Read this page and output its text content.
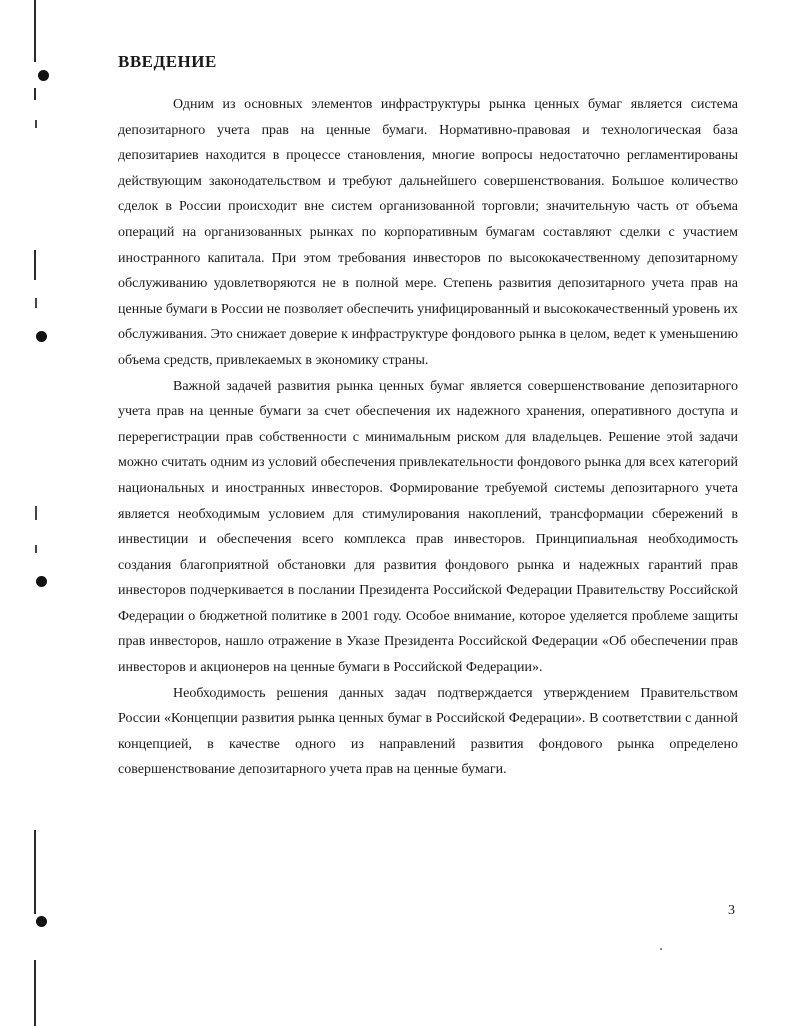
ВВЕДЕНИЕ

Одним из основных элементов инфраструктуры рынка ценных бумаг является система депозитарного учета прав на ценные бумаги. Нормативно-правовая и технологическая база депозитариев находится в процессе становления, многие вопросы недостаточно регламентированы действующим законодательством и требуют дальнейшего совершенствования. Большое количество сделок в России происходит вне систем организованной торговли; значительную часть от объема операций на организованных рынках по корпоративным бумагам составляют сделки с участием иностранного капитала. При этом требования инвесторов по высококачественному депозитарному обслуживанию удовлетворяются не в полной мере. Степень развития депозитарного учета прав на ценные бумаги в России не позволяет обеспечить унифицированный и высококачественный уровень их обслуживания. Это снижает доверие к инфраструктуре фондового рынка в целом, ведет к уменьшению объема средств, привлекаемых в экономику страны.

Важной задачей развития рынка ценных бумаг является совершенствование депозитарного учета прав на ценные бумаги за счет обеспечения их надежного хранения, оперативного доступа и перерегистрации прав собственности с минимальным риском для владельцев. Решение этой задачи можно считать одним из условий обеспечения привлекательности фондового рынка для всех категорий национальных и иностранных инвесторов. Формирование требуемой системы депозитарного учета является необходимым условием для стимулирования накоплений, трансформации сбережений в инвестиции и обеспечения всего комплекса прав инвесторов. Принципиальная необходимость создания благоприятной обстановки для развития фондового рынка и надежных гарантий прав инвесторов подчеркивается в послании Президента Российской Федерации Правительству Российской Федерации о бюджетной политике в 2001 году. Особое внимание, которое уделяется проблеме защиты прав инвесторов, нашло отражение в Указе Президента Российской Федерации «Об обеспечении прав инвесторов и акционеров на ценные бумаги в Российской Федерации».

Необходимость решения данных задач подтверждается утверждением Правительством России «Концепции развития рынка ценных бумаг в Российской Федерации». В соответствии с данной концепцией, в качестве одного из направлений развития фондового рынка определено совершенствование депозитарного учета прав на ценные бумаги.

3
